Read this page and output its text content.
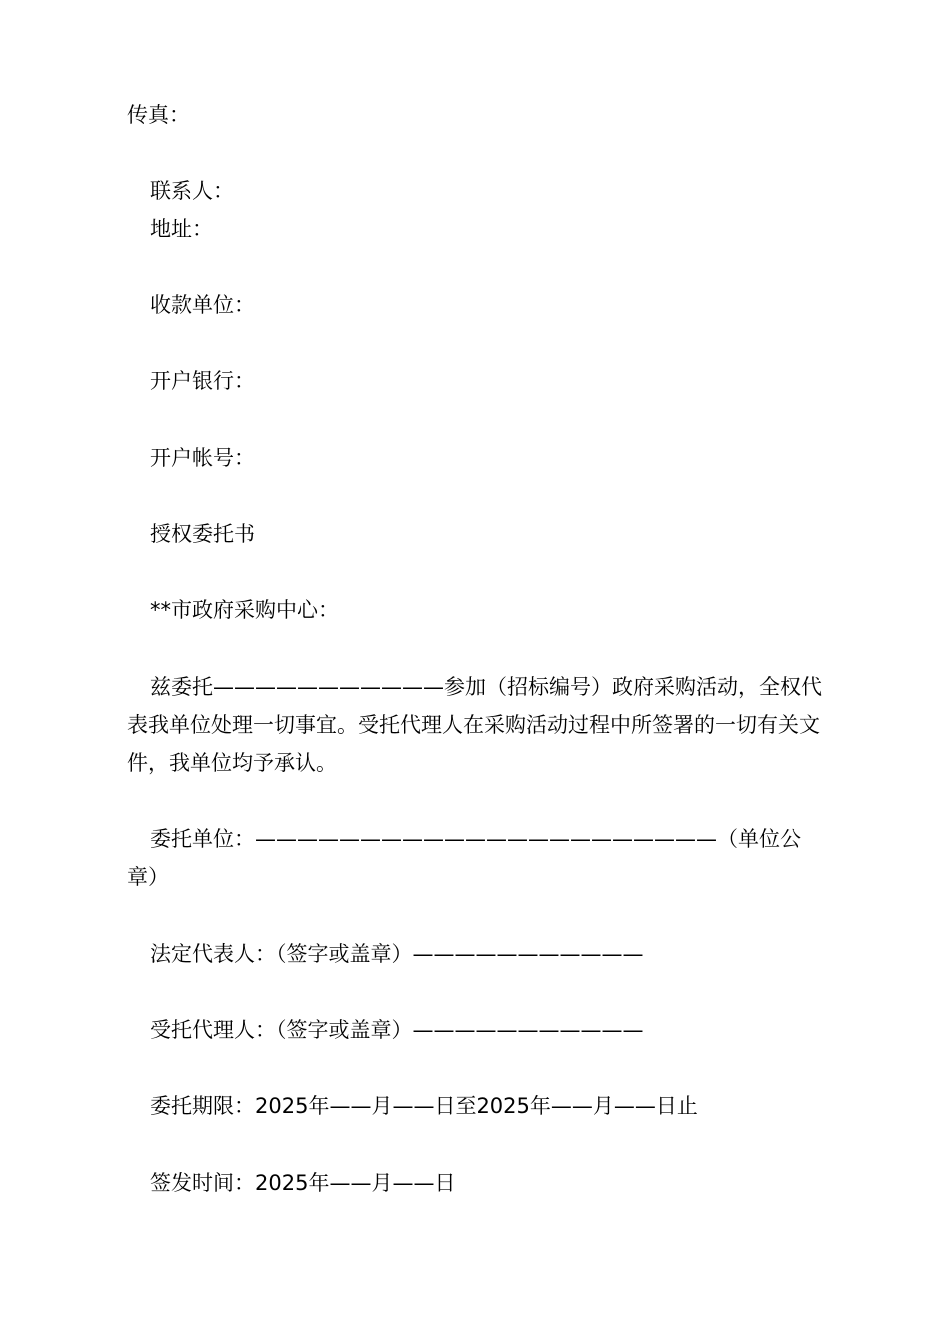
传真：
联系人：
地址：
收款单位：
开户银行：
开户帐号：
授权委托书
**市政府采购中心：
兹委托———————————参加（招标编号）政府采购活动，全权代表我单位处理一切事宜。受托代理人在采购活动过程中所签署的一切有关文件，我单位均予承认。
委托单位：——————————————————————（单位公章）
法定代表人：（签字或盖章）———————————
受托代理人：（签字或盖章）———————————
委托期限：2025年——月——日至2025年——月——日止
签发时间：2025年——月——日
